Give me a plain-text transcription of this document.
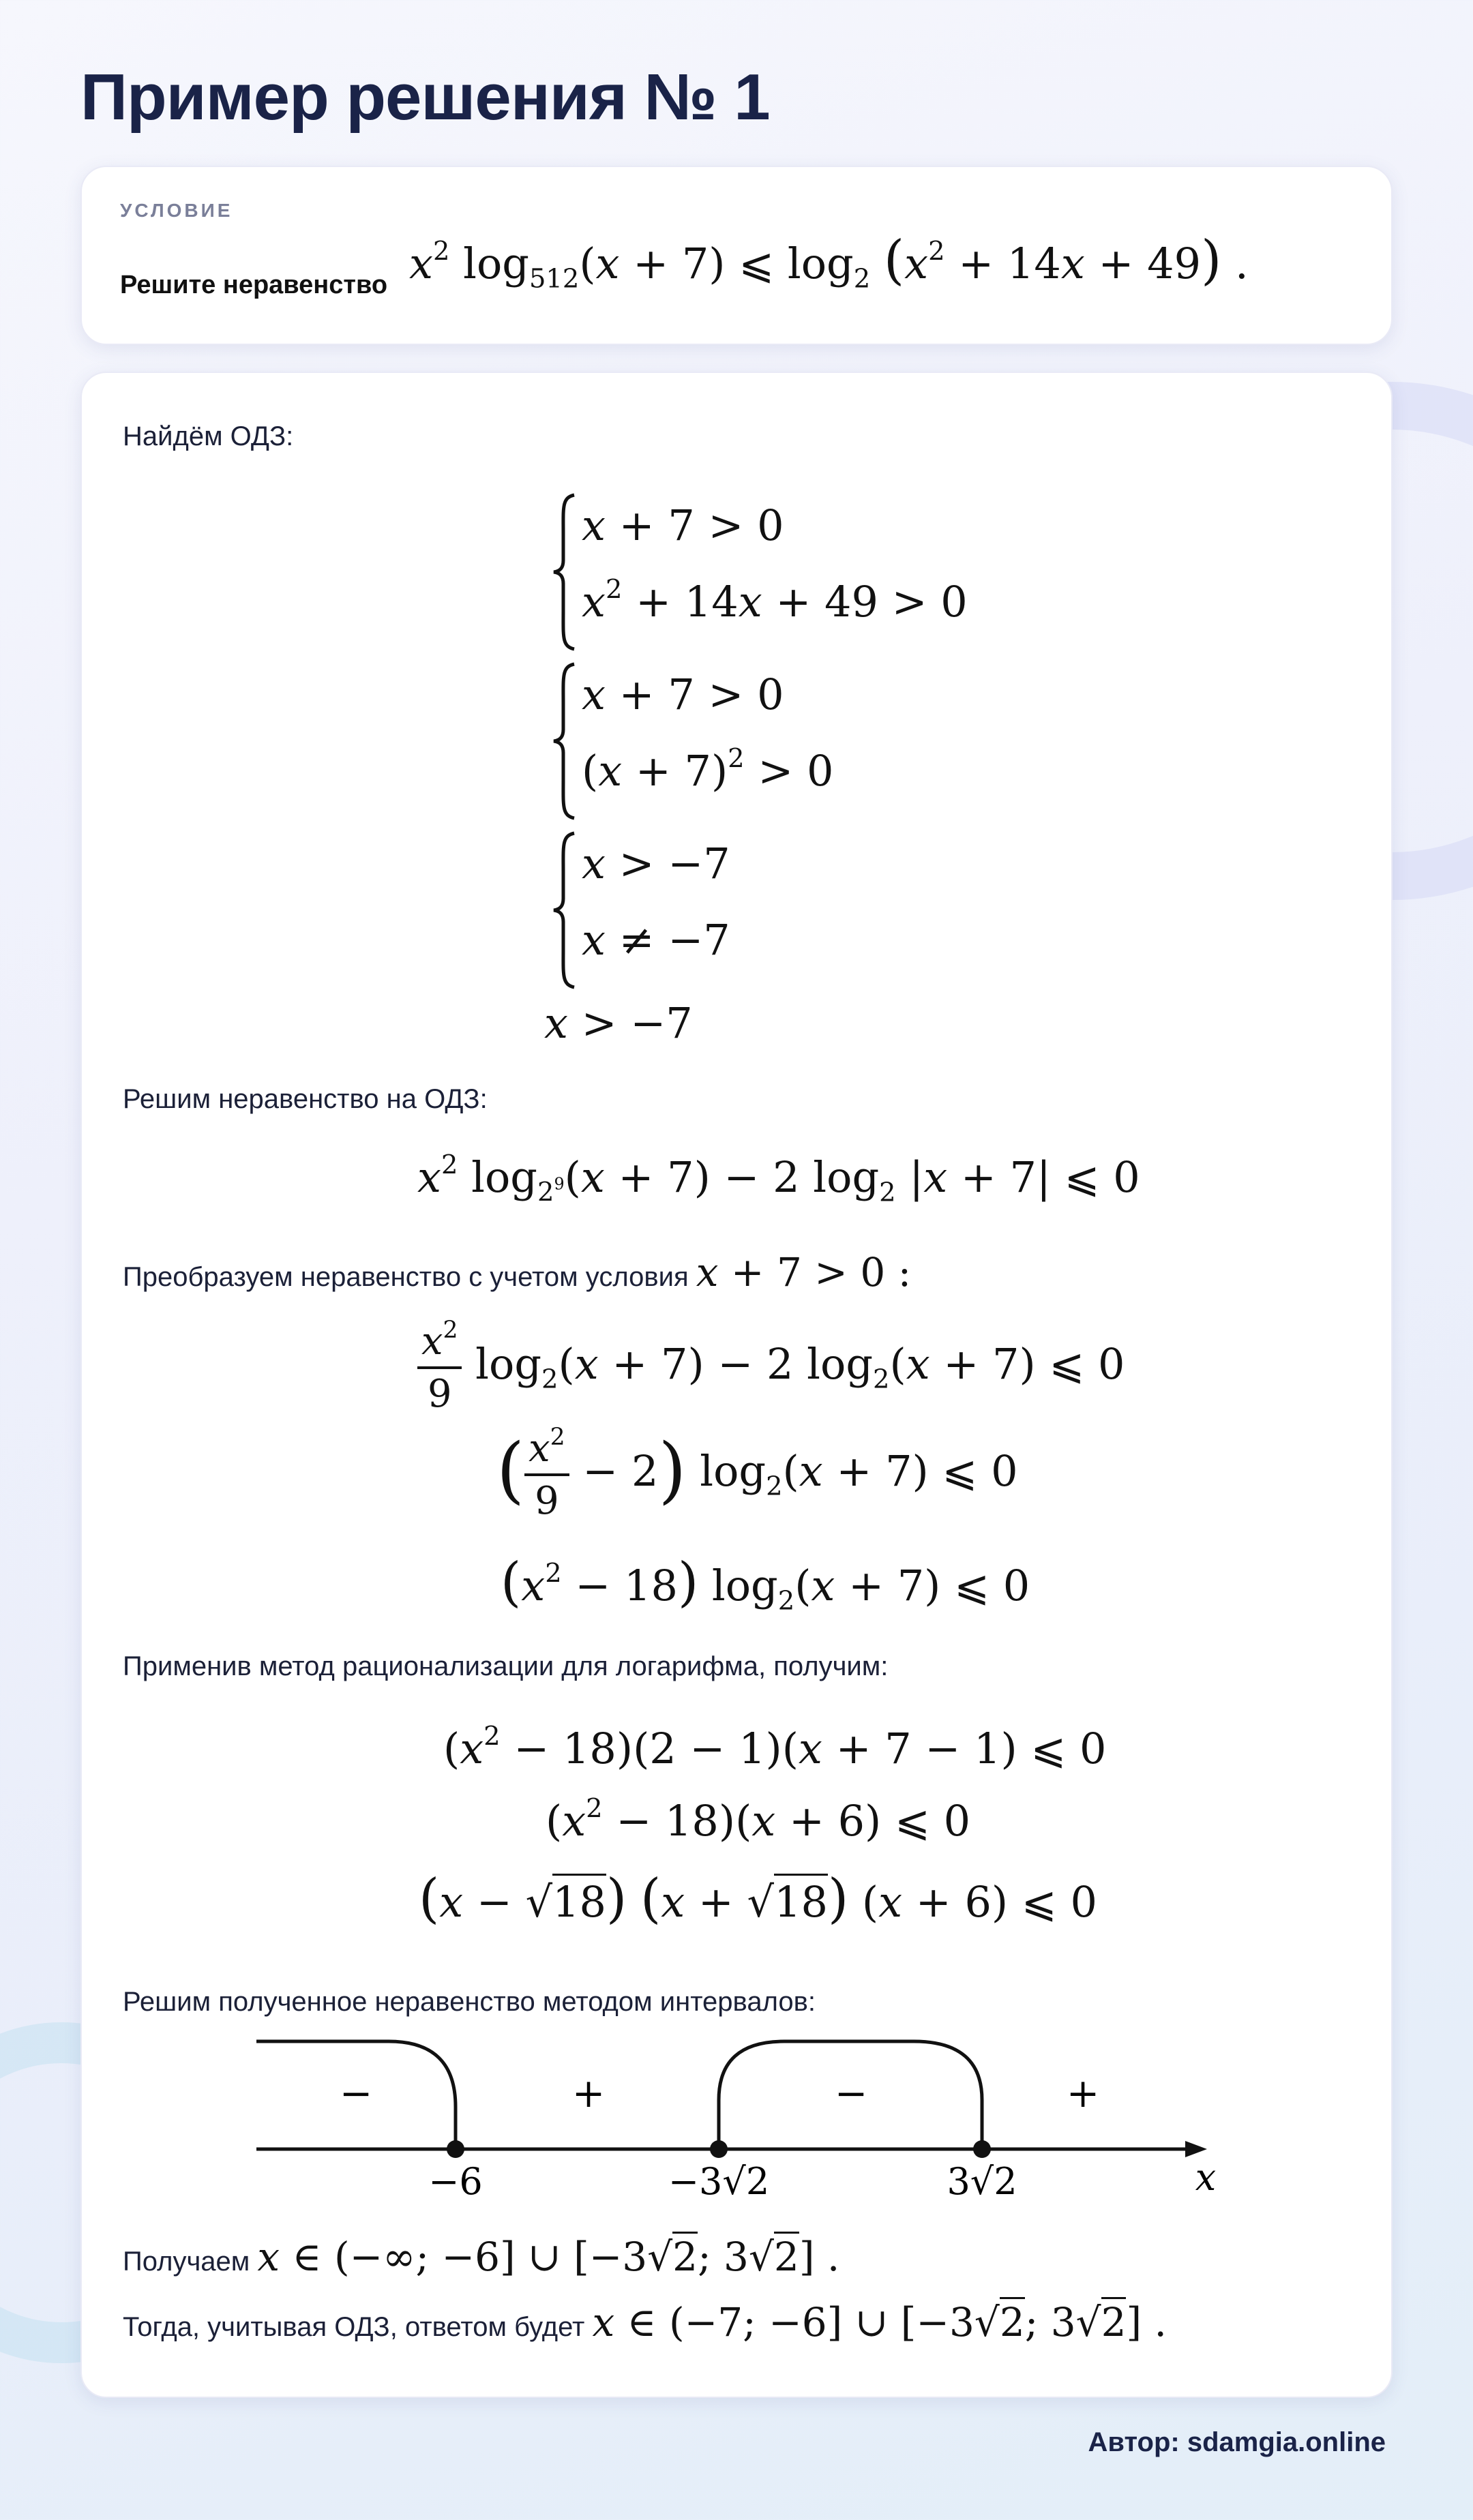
Пример решения № 1
УСЛОВИЕ
Решите неравенство $x^2$ $\log_{512}(x + 7)$ ⩽ $\log_2 (x^2 + 14x + 49)$ .
Найдём ОДЗ:
x + 7 > 0
$x^2 + 14x + 49 > 0$
x + 7 > 0
$(x + 7)^2 > 0$
x > −7
x ≠ −7
x > −7
Решим неравенство на ОДЗ:
$x^2$ $\log_{2^9}(x + 7) - 2$ $\log_2 |x + 7|$ ⩽ 0
Преобразуем неравенство с учетом условия x + 7 > 0 :
$\frac{x^2}{9} \log_2(x + 7) - 2$ $\log_2(x + 7)$ ⩽ 0
( $\frac{x^2}{9} - 2$) $\log_2(x + 7)$ ⩽ 0
$(x^2 - 18) \log_2(x + 7)$ ⩽ 0
Применив метод рационализации для логарифма, получим:
$(x^2 - 18)(2 - 1)(x + 7 - 1)$ ⩽ 0
$(x^2 - 18)(x + 6)$ ⩽ 0
(x − √18) (x + √18) (x + 6) ⩽ 0
Решим полученное неравенство методом интервалов:
−	+	−	+
−6	−3√2	3√2	x
Получаем x ∈ (−∞; −6] ∪ [−3√2; 3√2] .
Тогда, учитывая ОДЗ, ответом будет x ∈ (−7; −6] ∪ [−3√2; 3√2] .
Автор: sdamgia.online
